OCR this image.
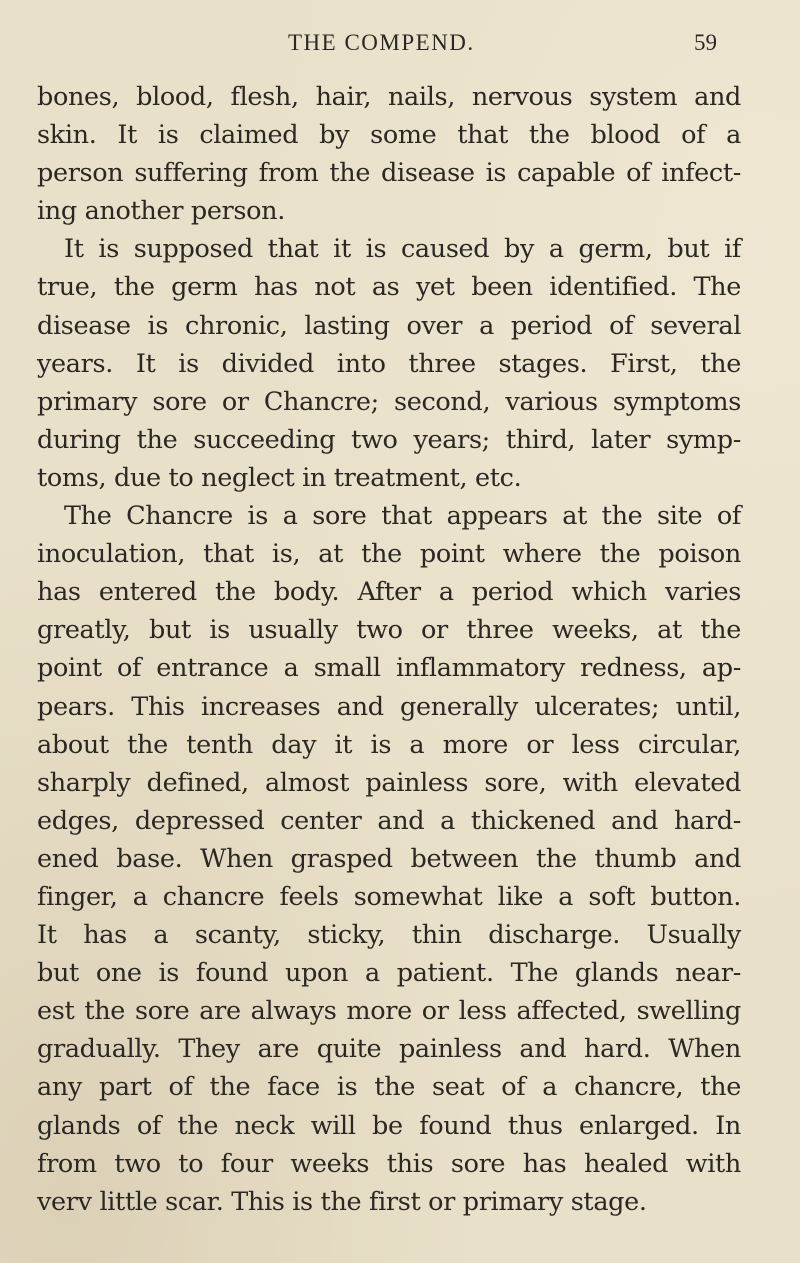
THE COMPEND.	59
bones, blood, flesh, hair, nails, nervous system and
skin. It is claimed by some that the blood of a
person suffering from the disease is capable of infect-
ing another person.
It is supposed that it is caused by a germ, but if
true, the germ has not as yet been identified. The
disease is chronic, lasting over a period of several
years. It is divided into three stages. First, the
primary sore or Chancre; second, various symptoms
during the succeeding two years; third, later symp-
toms, due to neglect in treatment, etc.
The Chancre is a sore that appears at the site of
inoculation, that is, at the point where the poison
has entered the body. After a period which varies
greatly, but is usually two or three weeks, at the
point of entrance a small inflammatory redness, ap-
pears. This increases and generally ulcerates; until,
about the tenth day it is a more or less circular,
sharply defined, almost painless sore, with elevated
edges, depressed center and a thickened and hard-
ened base. When grasped between the thumb and
finger, a chancre feels somewhat like a soft button.
It has a scanty, sticky, thin discharge. Usually
but one is found upon a patient. The glands near-
est the sore are always more or less affected, swelling
gradually. They are quite painless and hard. When
any part of the face is the seat of a chancre, the
glands of the neck will be found thus enlarged. In
from two to four weeks this sore has healed with
verv little scar. This is the first or primary stage.
